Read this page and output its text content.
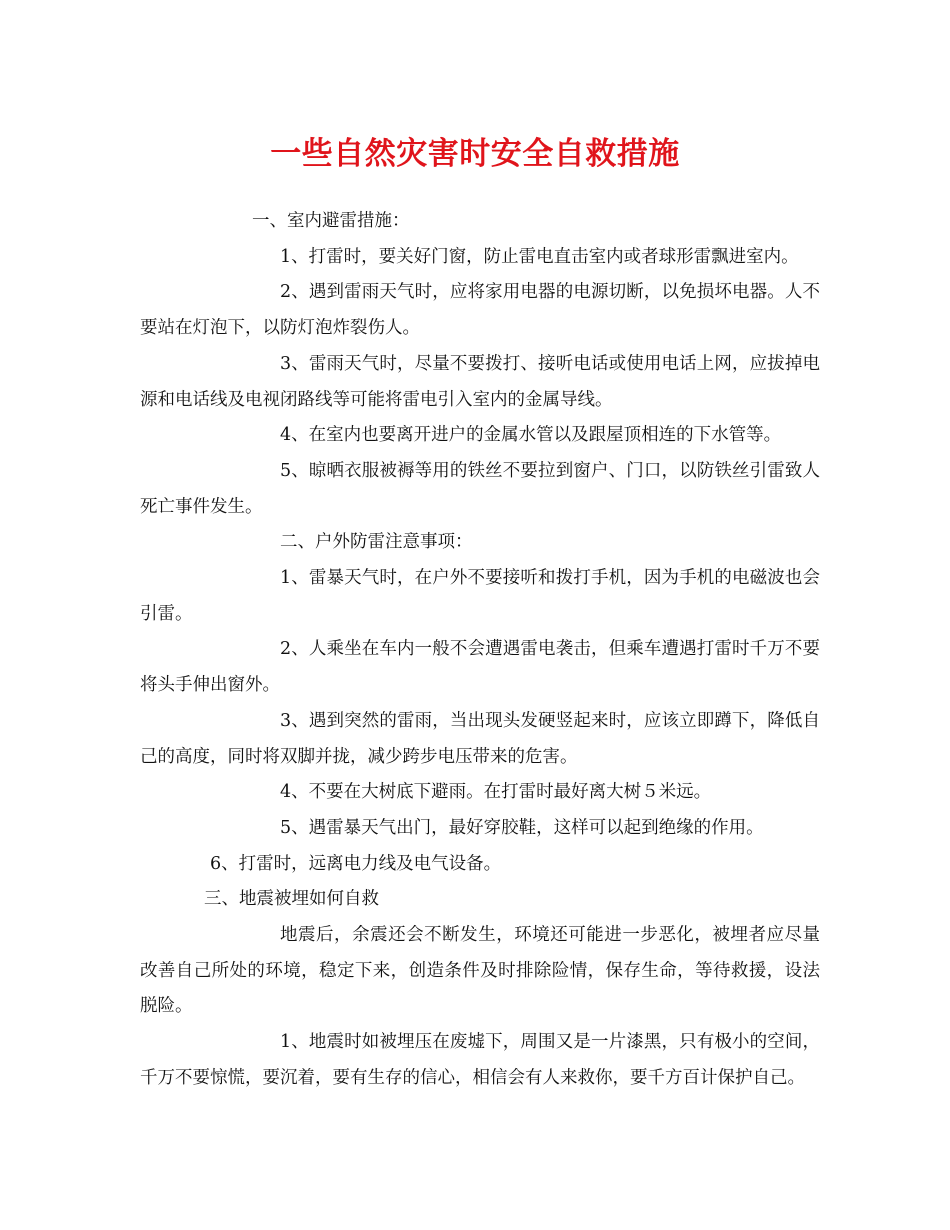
一些自然灾害时安全自救措施

一、室内避雷措施：

1、打雷时，要关好门窗，防止雷电直击室内或者球形雷飘进室内。

2、遇到雷雨天气时，应将家用电器的电源切断，以免损坏电器。人不要站在灯泡下，以防灯泡炸裂伤人。

3、雷雨天气时，尽量不要拨打、接听电话或使用电话上网，应拔掉电源和电话线及电视闭路线等可能将雷电引入室内的金属导线。

4、在室内也要离开进户的金属水管以及跟屋顶相连的下水管等。

5、晾晒衣服被褥等用的铁丝不要拉到窗户、门口，以防铁丝引雷致人死亡事件发生。

二、户外防雷注意事项：

1、雷暴天气时，在户外不要接听和拨打手机，因为手机的电磁波也会引雷。

2、人乘坐在车内一般不会遭遇雷电袭击，但乘车遭遇打雷时千万不要将头手伸出窗外。

3、遇到突然的雷雨，当出现头发硬竖起来时，应该立即蹲下，降低自己的高度，同时将双脚并拢，减少跨步电压带来的危害。

4、不要在大树底下避雨。在打雷时最好离大树５米远。

5、遇雷暴天气出门，最好穿胶鞋，这样可以起到绝缘的作用。

6、打雷时，远离电力线及电气设备。

三、地震被埋如何自救

地震后，余震还会不断发生，环境还可能进一步恶化，被埋者应尽量改善自己所处的环境，稳定下来，创造条件及时排除险情，保存生命，等待救援，设法脱险。

1、地震时如被埋压在废墟下，周围又是一片漆黑，只有极小的空间，千万不要惊慌，要沉着，要有生存的信心，相信会有人来救你，要千方百计保护自己。
